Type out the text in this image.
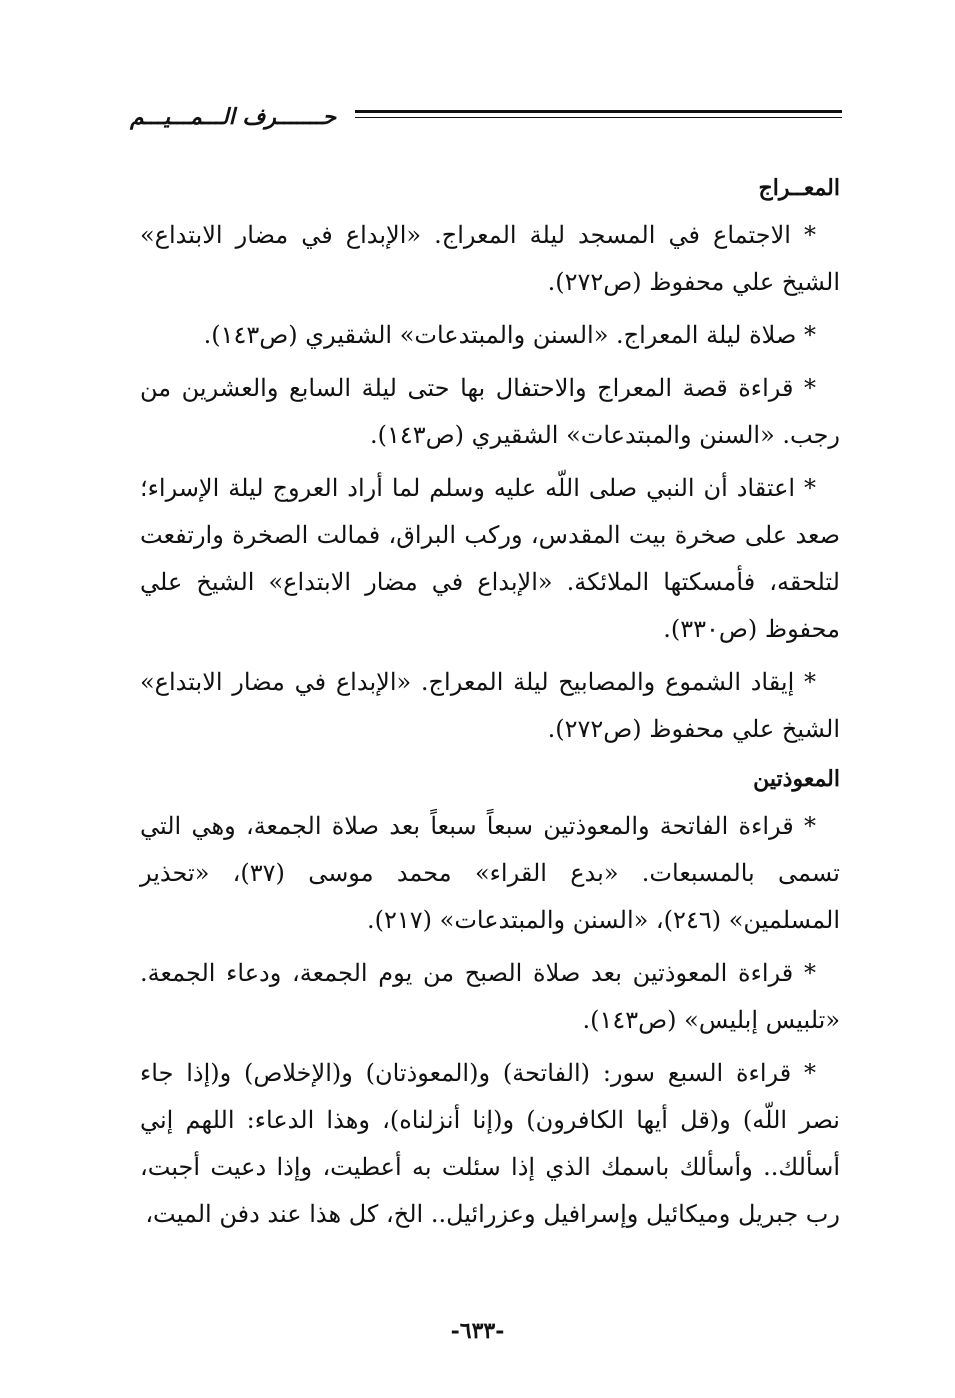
حـــــــرف الـــمـــيـــم
المعــراج
* الاجتماع في المسجد ليلة المعراج. «الإبداع في مضار الابتداع» الشيخ علي محفوظ (ص٢٧٢).
* صلاة ليلة المعراج. «السنن والمبتدعات» الشقيري (ص١٤٣).
* قراءة قصة المعراج والاحتفال بها حتى ليلة السابع والعشرين من رجب. «السنن والمبتدعات» الشقيري (ص١٤٣).
* اعتقاد أن النبي صلى اللّه عليه وسلم لما أراد العروج ليلة الإسراء؛ صعد على صخرة بيت المقدس، وركب البراق، فمالت الصخرة وارتفعت لتلحقه، فأمسكتها الملائكة. «الإبداع في مضار الابتداع» الشيخ علي محفوظ (ص٣٣٠).
* إيقاد الشموع والمصابيح ليلة المعراج. «الإبداع في مضار الابتداع» الشيخ علي محفوظ (ص٢٧٢).
المعوذتين
* قراءة الفاتحة والمعوذتين سبعاً سبعاً بعد صلاة الجمعة، وهي التي تسمى بالمسبعات. «بدع القراء» محمد موسى (٣٧)، «تحذير المسلمين» (٢٤٦)، «السنن والمبتدعات» (٢١٧).
* قراءة المعوذتين بعد صلاة الصبح من يوم الجمعة، ودعاء الجمعة. «تلبيس إبليس» (ص١٤٣).
* قراءة السبع سور: (الفاتحة) و(المعوذتان) و(الإخلاص) و(إذا جاء نصر اللّه) و(قل أيها الكافرون) و(إنا أنزلناه)، وهذا الدعاء: اللهم إني أسألك.. وأسألك باسمك الذي إذا سئلت به أعطيت، وإذا دعيت أجبت، رب جبريل وميكائيل وإسرافيل وعزرائيل.. الخ، كل هذا عند دفن الميت،
-٦٣٣-
